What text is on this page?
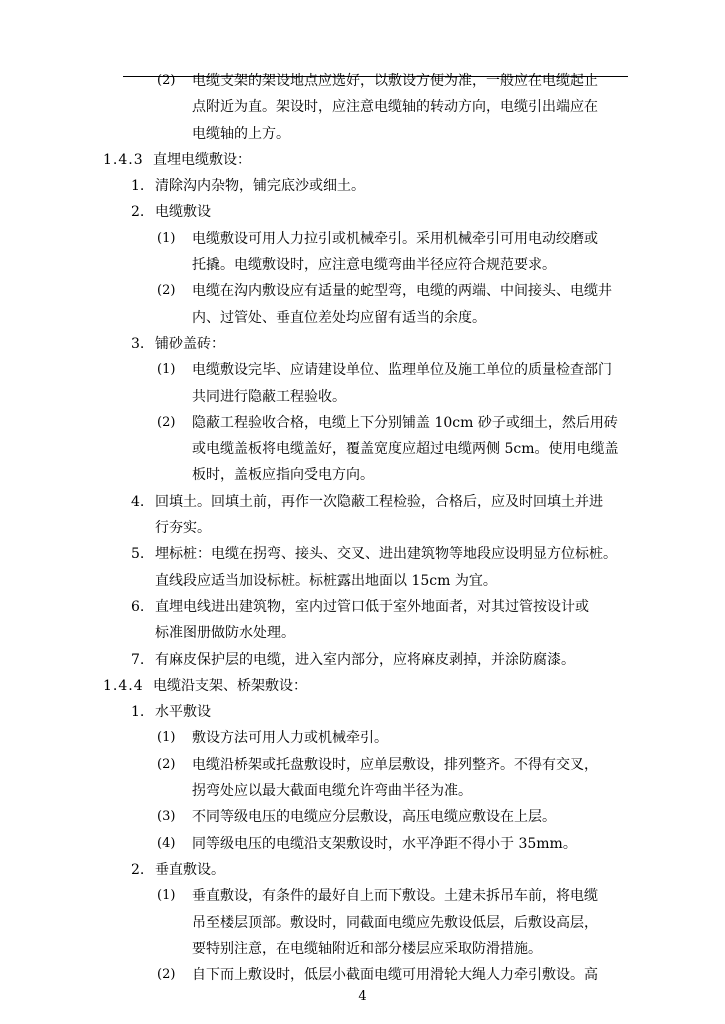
(2) 电缆支架的架设地点应选好，以敷设方便为准，一般应在电缆起止
点附近为直。架设时，应注意电缆轴的转动方向，电缆引出端应在
电缆轴的上方。
1.4.3 直埋电缆敷设：
1. 清除沟内杂物，铺完底沙或细土。
2. 电缆敷设
(1) 电缆敷设可用人力拉引或机械牵引。采用机械牵引可用电动绞磨或
托撬。电缆敷设时，应注意电缆弯曲半径应符合规范要求。
(2) 电缆在沟内敷设应有适量的蛇型弯，电缆的两端、中间接头、电缆井
内、过管处、垂直位差处均应留有适当的余度。
3. 铺砂盖砖：
(1) 电缆敷设完毕、应请建设单位、监理单位及施工单位的质量检查部门
共同进行隐蔽工程验收。
(2) 隐蔽工程验收合格，电缆上下分别铺盖 10cm 砂子或细土，然后用砖
或电缆盖板将电缆盖好，覆盖宽度应超过电缆两侧 5cm。使用电缆盖
板时，盖板应指向受电方向。
4. 回填土。回填土前，再作一次隐蔽工程检验，合格后，应及时回填土并进
行夯实。
5. 埋标桩：电缆在拐弯、接头、交叉、进出建筑物等地段应设明显方位标桩。
直线段应适当加设标桩。标桩露出地面以 15cm 为宜。
6. 直埋电线进出建筑物，室内过管口低于室外地面者，对其过管按设计或
标准图册做防水处理。
7. 有麻皮保护层的电缆，进入室内部分，应将麻皮剥掉，并涂防腐漆。
1.4.4 电缆沿支架、桥架敷设：
1. 水平敷设
(1) 敷设方法可用人力或机械牵引。
(2) 电缆沿桥架或托盘敷设时，应单层敷设，排列整齐。不得有交叉，
拐弯处应以最大截面电缆允许弯曲半径为准。
(3) 不同等级电压的电缆应分层敷设，高压电缆应敷设在上层。
(4) 同等级电压的电缆沿支架敷设时，水平净距不得小于 35mm。
2. 垂直敷设。
(1) 垂直敷设，有条件的最好自上而下敷设。土建未拆吊车前，将电缆
吊至楼层顶部。敷设时，同截面电缆应先敷设低层，后敷设高层，
要特别注意，在电缆轴附近和部分楼层应采取防滑措施。
(2) 自下而上敷设时，低层小截面电缆可用滑轮大绳人力牵引敷设。高
4
